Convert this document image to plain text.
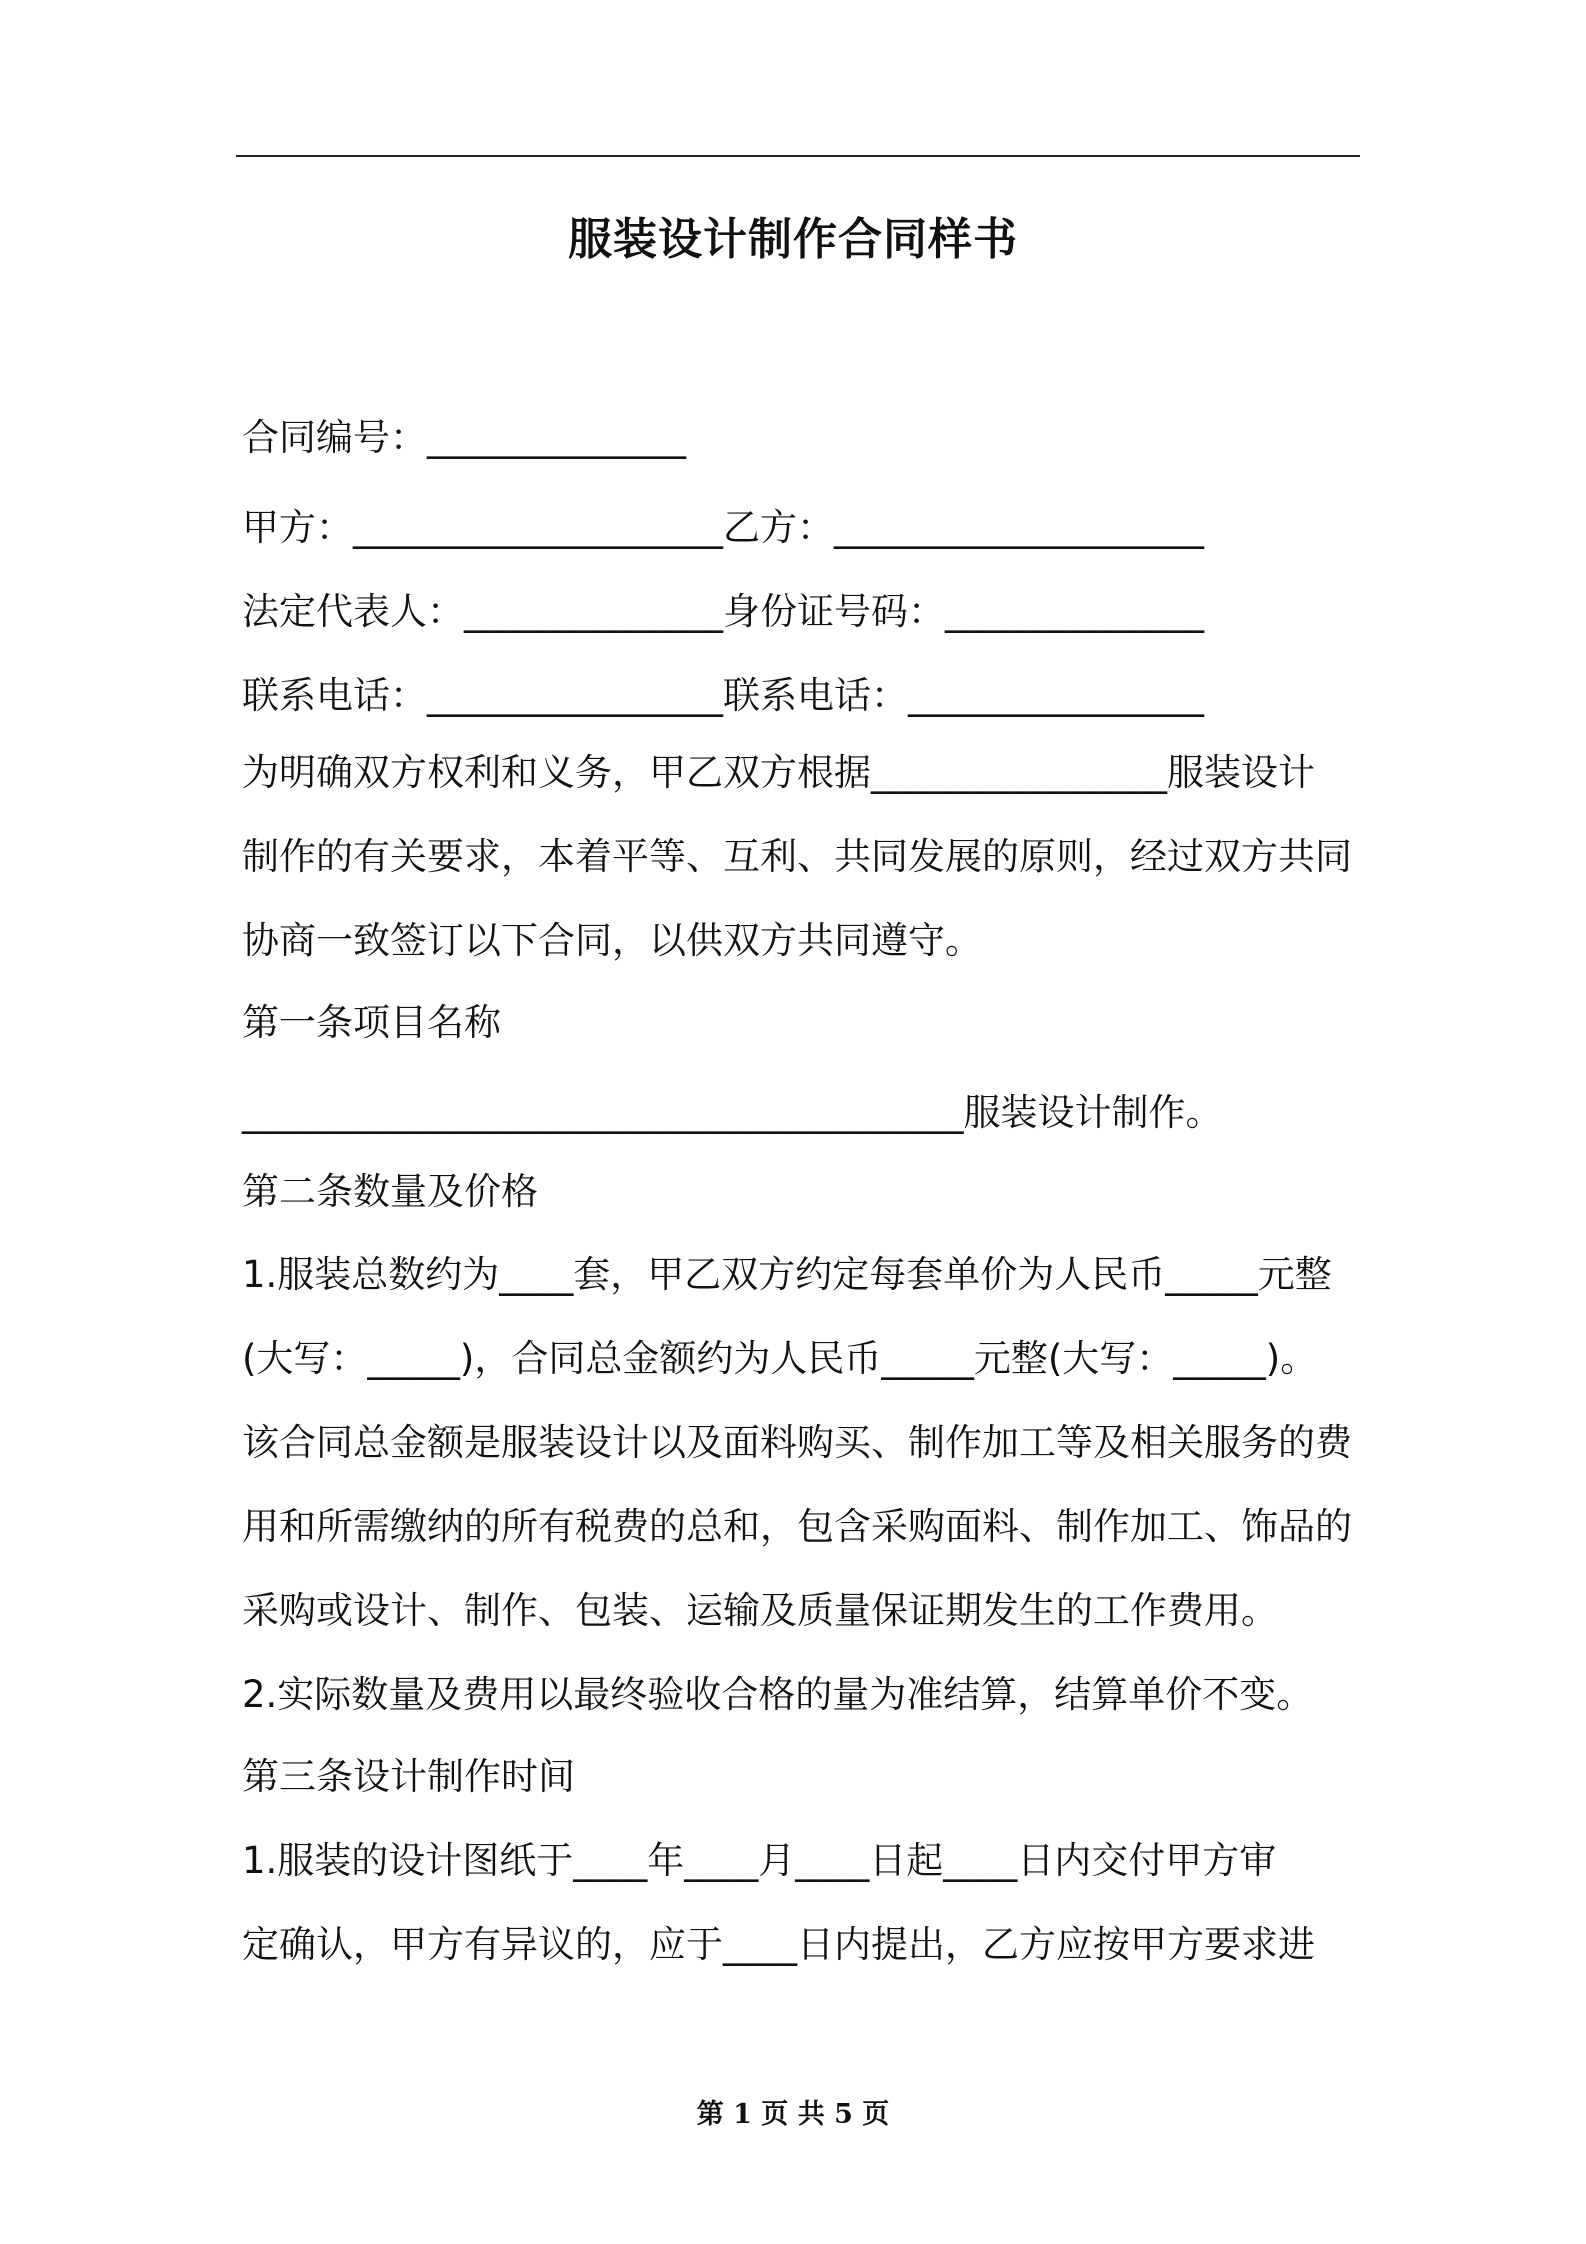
服装设计制作合同样书
合同编号：______________
甲方：____________________乙方：____________________
法定代表人：______________身份证号码：______________
联系电话：________________联系电话：________________
为明确双方权利和义务，甲乙双方根据________________服装设计
制作的有关要求，本着平等、互利、共同发展的原则，经过双方共同
协商一致签订以下合同，以供双方共同遵守。
第一条项目名称
_______________________________________服装设计制作。
第二条数量及价格
1.服装总数约为____套，甲乙双方约定每套单价为人民币_____元整
(大写：_____)，合同总金额约为人民币_____元整(大写：_____)。
该合同总金额是服装设计以及面料购买、制作加工等及相关服务的费
用和所需缴纳的所有税费的总和，包含采购面料、制作加工、饰品的
采购或设计、制作、包装、运输及质量保证期发生的工作费用。
2.实际数量及费用以最终验收合格的量为准结算，结算单价不变。
第三条设计制作时间
1.服装的设计图纸于____年____月____日起____日内交付甲方审
定确认，甲方有异议的，应于____日内提出，乙方应按甲方要求进
第 1 页 共 5 页
